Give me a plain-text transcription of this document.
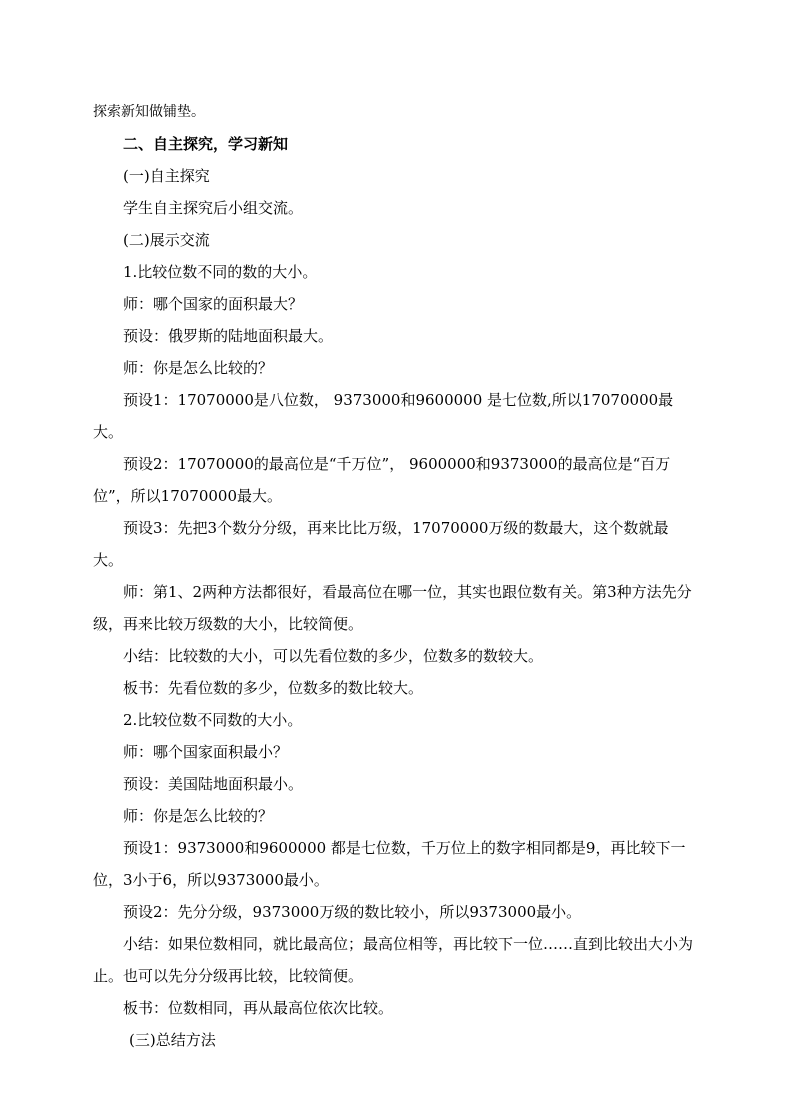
探索新知做铺垫。

二、自主探究，学习新知

(一)自主探究

学生自主探究后小组交流。

(二)展示交流

1.比较位数不同的数的大小。

师：哪个国家的面积最大？

预设：俄罗斯的陆地面积最大。

师：你是怎么比较的？

预设1：17070000是八位数， 9373000和9600000 是七位数,所以17070000最大。

预设2：17070000的最高位是“千万位”， 9600000和9373000的最高位是“百万位”，所以17070000最大。

预设3：先把3个数分分级，再来比比万级，17070000万级的数最大，这个数就最大。

师：第1、2两种方法都很好，看最高位在哪一位，其实也跟位数有关。第3种方法先分级，再来比较万级数的大小，比较简便。

小结：比较数的大小，可以先看位数的多少，位数多的数较大。

板书：先看位数的多少，位数多的数比较大。

2.比较位数不同数的大小。

师：哪个国家面积最小？

预设：美国陆地面积最小。

师：你是怎么比较的？

预设1：9373000和9600000 都是七位数，千万位上的数字相同都是9，再比较下一位，3小于6，所以9373000最小。

预设2：先分分级，9373000万级的数比较小，所以9373000最小。

小结：如果位数相同，就比最高位；最高位相等，再比较下一位……直到比较出大小为止。也可以先分分级再比较，比较简便。

板书：位数相同，再从最高位依次比较。

(三)总结方法
